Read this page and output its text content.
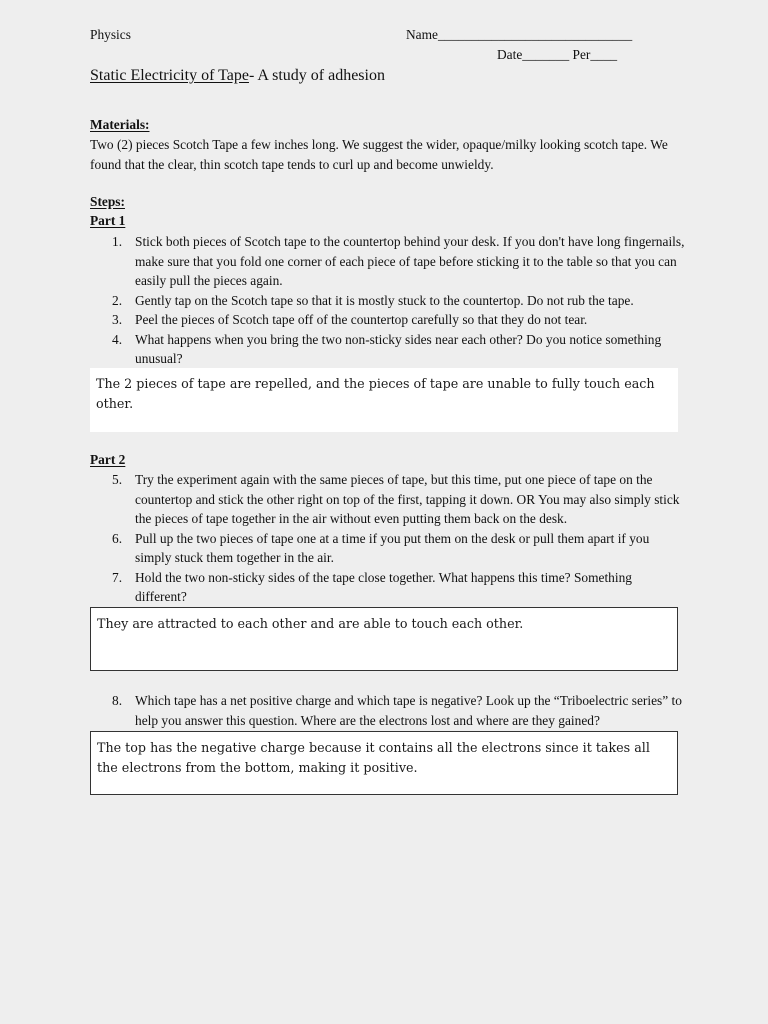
Physics	Name_____________________________

Date_______ Per____

Static Electricity of Tape- A study of adhesion

Materials:

Two (2) pieces Scotch Tape a few inches long. We suggest the wider, opaque/milky looking scotch tape. We found that the clear, thin scotch tape tends to curl up and become unwieldy.

Steps:

Part 1

1. Stick both pieces of Scotch tape to the countertop behind your desk. If you don't have long fingernails, make sure that you fold one corner of each piece of tape before sticking it to the table so that you can easily pull the pieces again.
2. Gently tap on the Scotch tape so that it is mostly stuck to the countertop. Do not rub the tape.
3. Peel the pieces of Scotch tape off of the countertop carefully so that they do not tear.
4. What happens when you bring the two non-sticky sides near each other? Do you notice something unusual?
The 2 pieces of tape are repelled, and the pieces of tape are unable to fully touch each other.

Part 2

5. Try the experiment again with the same pieces of tape, but this time, put one piece of tape on the countertop and stick the other right on top of the first, tapping it down. OR You may also simply stick the pieces of tape together in the air without even putting them back on the desk.
6. Pull up the two pieces of tape one at a time if you put them on the desk or pull them apart if you simply stuck them together in the air.
7. Hold the two non-sticky sides of the tape close together. What happens this time? Something different?
They are attracted to each other and are able to touch each other.
8. Which tape has a net positive charge and which tape is negative? Look up the “Triboelectric series” to help you answer this question. Where are the electrons lost and where are they gained?
The top has the negative charge because it contains all the electrons since it takes all the electrons from the bottom, making it positive.
